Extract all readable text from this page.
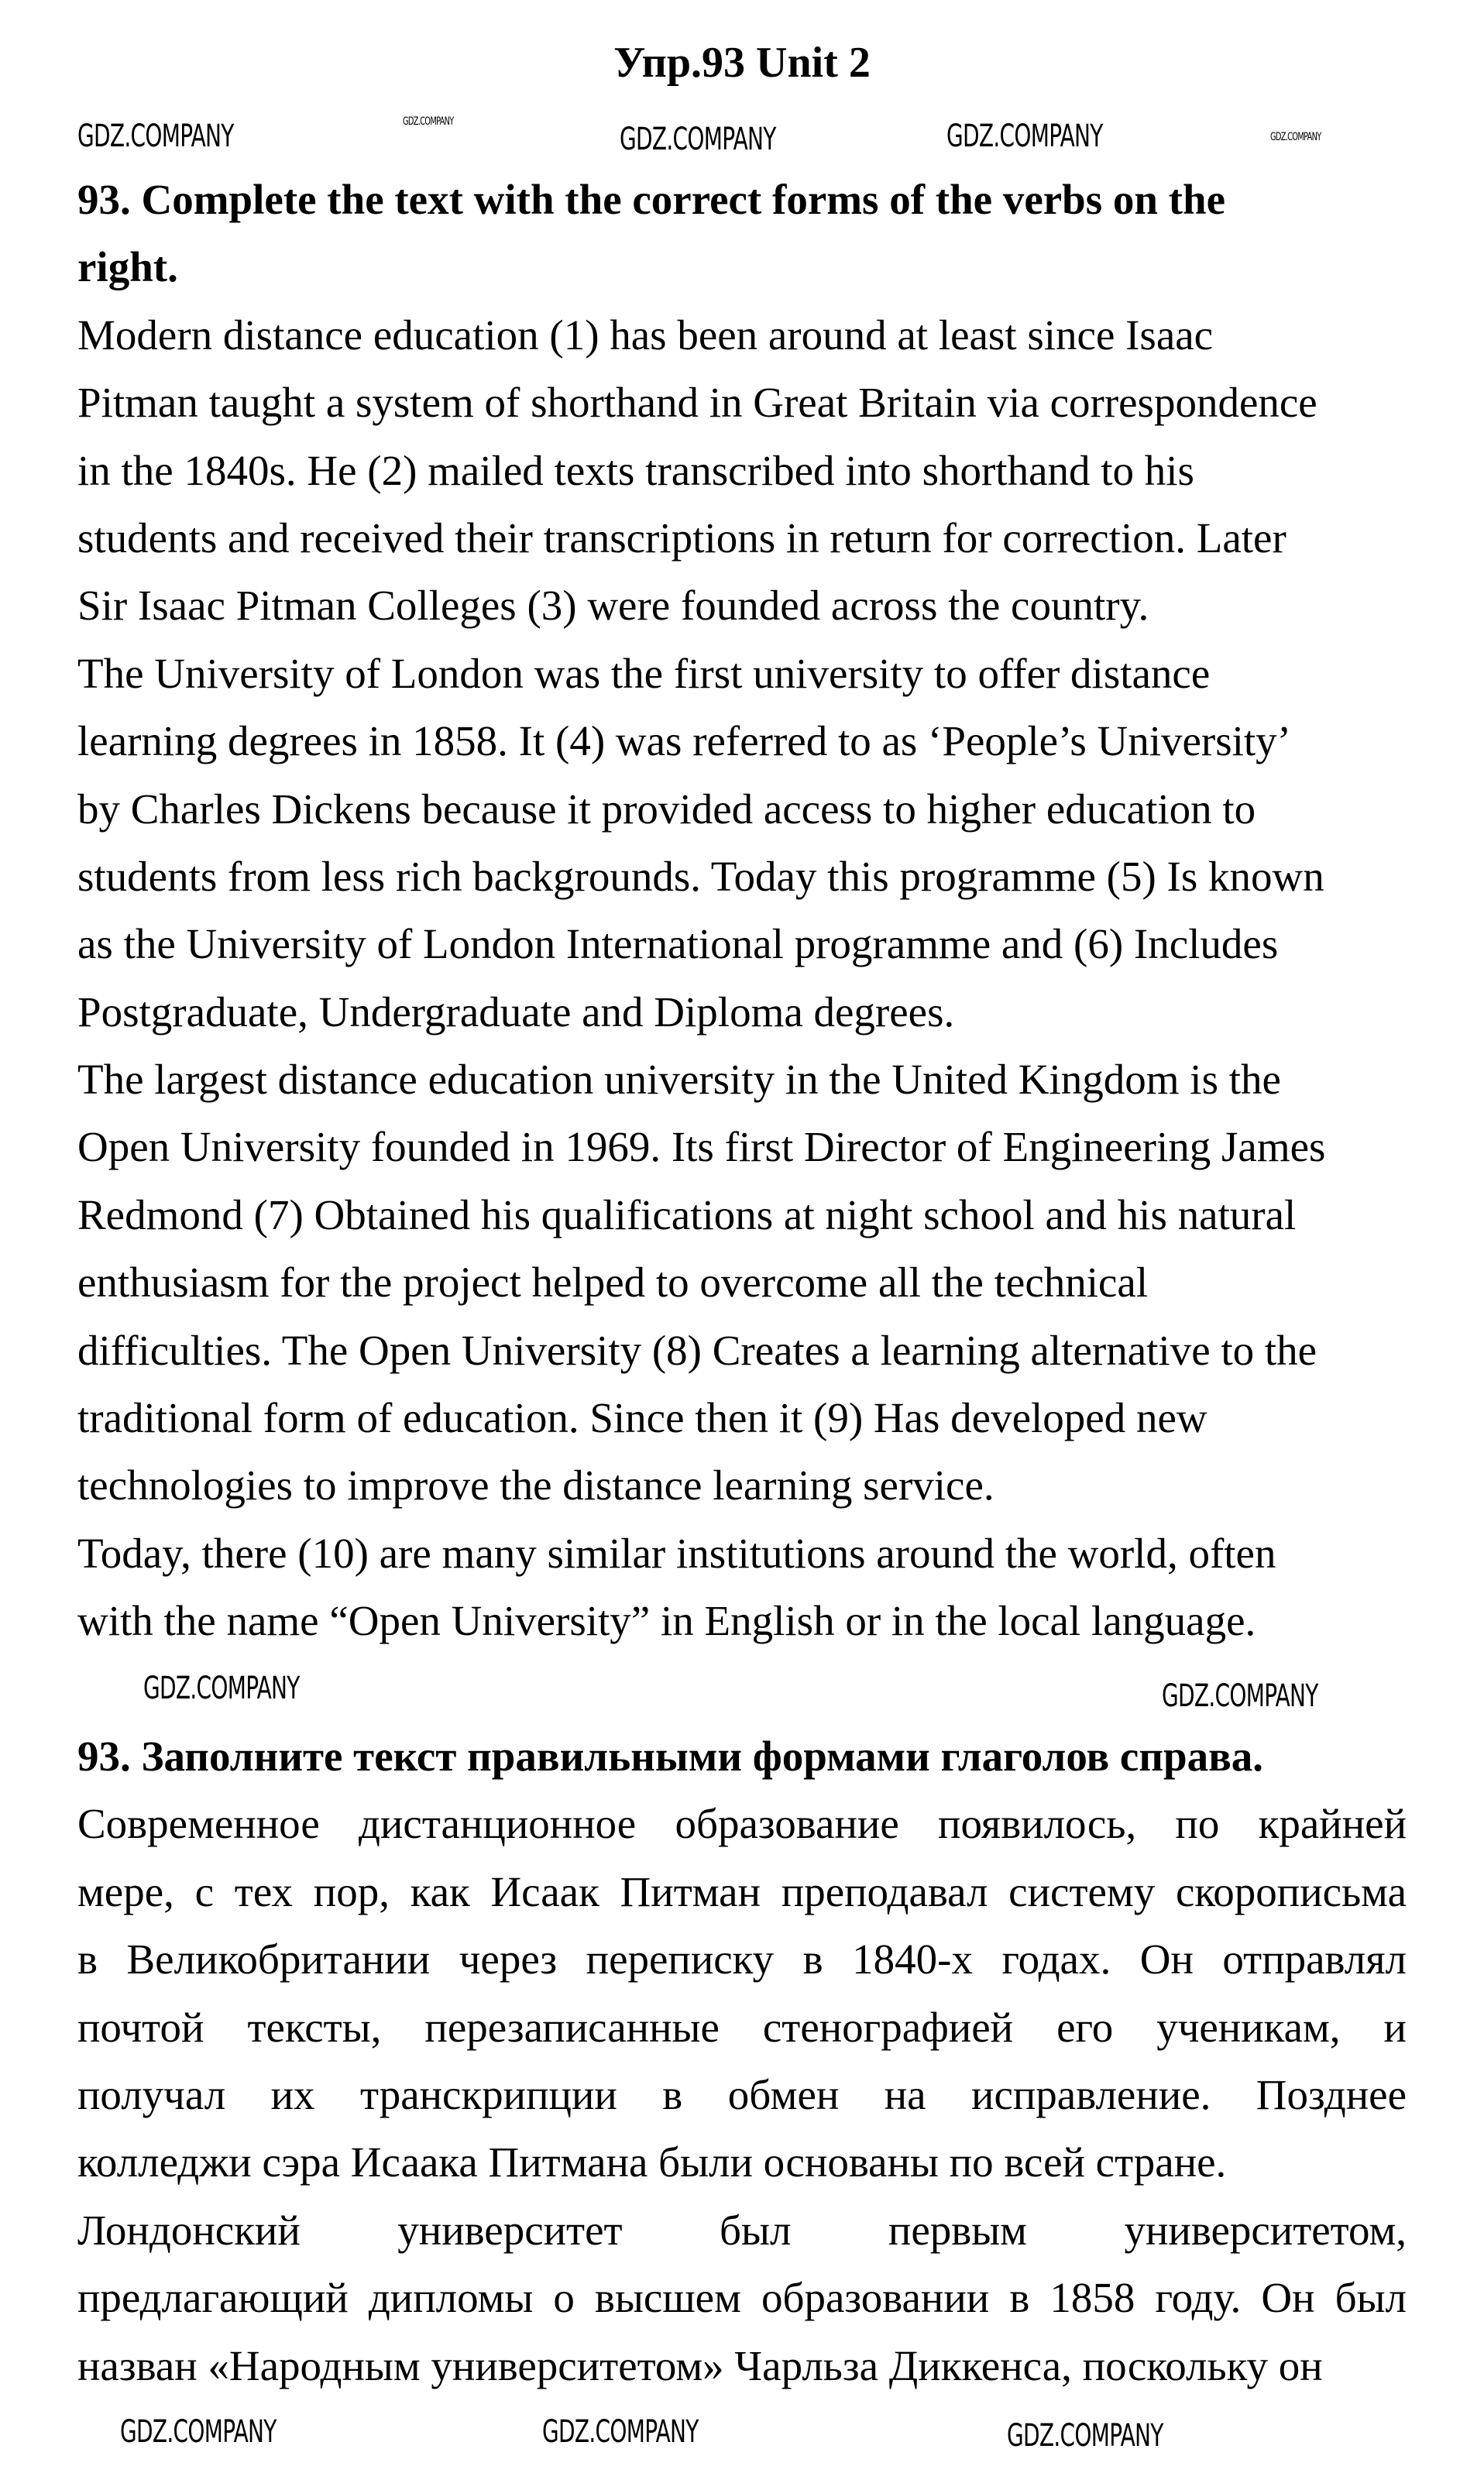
Упр.93 Unit 2
93. Complete the text with the correct forms of the verbs on the
right.
Modern distance education (1) has been around at least since Isaac
Pitman taught a system of shorthand in Great Britain via correspondence
in the 1840s. He (2) mailed texts transcribed into shorthand to his
students and received their transcriptions in return for correction. Later
Sir Isaac Pitman Colleges (3) were founded across the country.
The University of London was the first university to offer distance
learning degrees in 1858. It (4) was referred to as ‘People’s University’
by Charles Dickens because it provided access to higher education to
students from less rich backgrounds. Today this programme (5) Is known
as the University of London International programme and (6) Includes
Postgraduate, Undergraduate and Diploma degrees.
The largest distance education university in the United Kingdom is the
Open University founded in 1969. Its first Director of Engineering James
Redmond (7) Obtained his qualifications at night school and his natural
enthusiasm for the project helped to overcome all the technical
difficulties. The Open University (8) Creates a learning alternative to the
traditional form of education. Since then it (9) Has developed new
technologies to improve the distance learning service.
Today, there (10) are many similar institutions around the world, often
with the name “Open University” in English or in the local language.
93. Заполните текст правильными формами глаголов справа.
Современное дистанционное образование появилось, по крайней
мере, с тех пор, как Исаак Питман преподавал систему скорописьма
в Великобритании через переписку в 1840-х годах. Он отправлял
почтой тексты, перезаписанные стенографией его ученикам, и
получал их транскрипции в обмен на исправление. Позднее
колледжи сэра Исаака Питмана были основаны по всей стране.
Лондонский университет был первым университетом,
предлагающий дипломы о высшем образовании в 1858 году. Он был
назван «Народным университетом» Чарльза Диккенса, поскольку он
GDZ.COMPANY
GDZ.COMPANY	GDZ.COMPANY	GDZ.COMPANY	GDZ.COMPANY
GDZ.COMPANY	GDZ.COMPANY
GDZ.COMPANY	GDZ.COMPANY	GDZ.COMPANY
